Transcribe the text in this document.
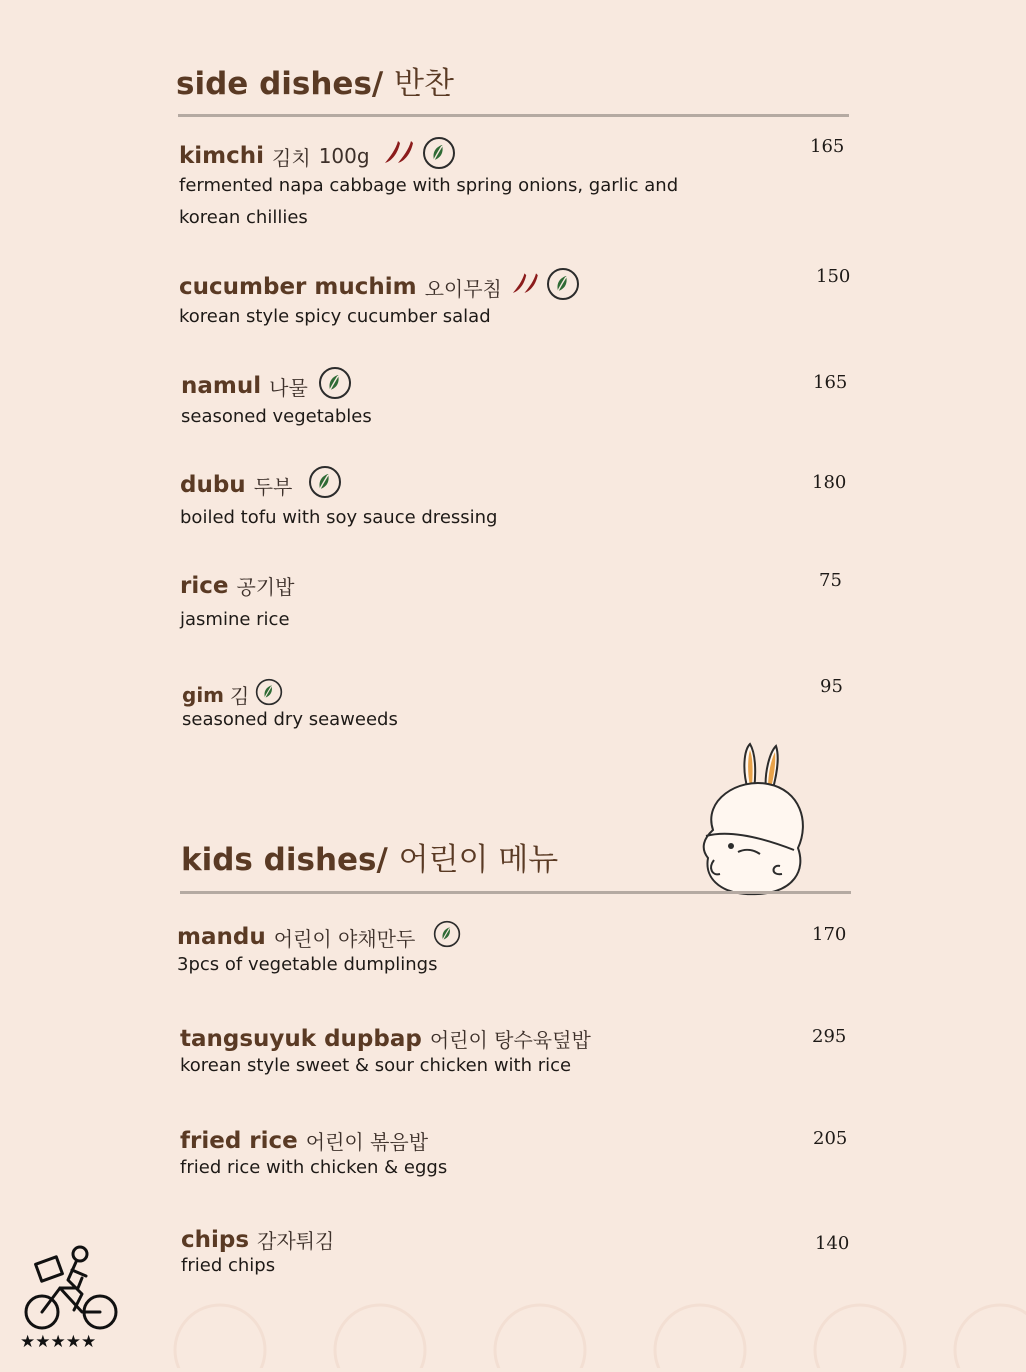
side dishes/ 반찬
kimchi 김치 100g
fermented napa cabbage with spring onions, garlic and korean chillies
165
cucumber muchim 오이무침
korean style spicy cucumber salad
150
namul 나물
seasoned vegetables
165
dubu 두부
boiled tofu with soy sauce dressing
180
rice 공기밥
jasmine rice
75
gim 김
seasoned dry seaweeds
95
kids dishes/ 어린이 메뉴
mandu 어린이 야채만두
3pcs of vegetable dumplings
170
tangsuyuk dupbap 어린이 탕수육덮밥
korean style sweet & sour chicken with rice
295
fried rice 어린이 볶음밥
fried rice with chicken & eggs
205
chips 감자튀김
fried chips
140
★★★★★
